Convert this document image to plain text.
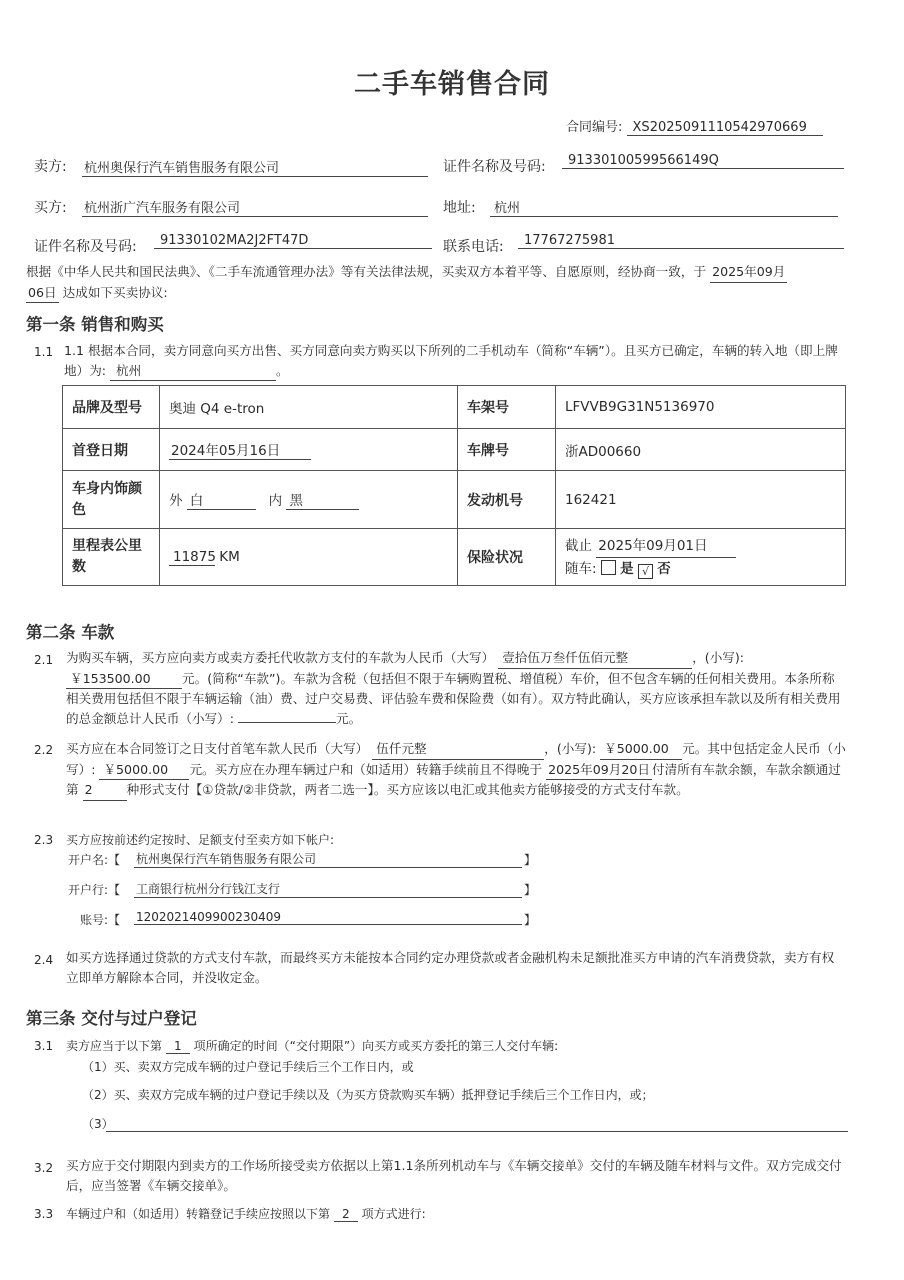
二手车销售合同
合同编号: XS2025091110542970669
卖方: 杭州奥保行汽车销售服务有限公司	证件名称及号码:	91330100599566149Q
买方: 杭州浙广汽车服务有限公司	地址:	杭州
证件名称及号码:	91330102MA2J2FT47D	联系电话:	17767275981
根据《中华人民共和国民法典》、《二手车流通管理办法》等有关法律法规，买卖双方本着平等、自愿原则，经协商一致，于 2025年09月
06日 达成如下买卖协议:
第一条 销售和购买
1.1 1.1 根据本合同，卖方同意向买方出售、买方同意向卖方购买以下所列的二手机动车（简称“车辆”）。且买方已确定，车辆的转入地（即上牌地）为: 杭州	。
品牌及型号	奥迪 Q4 e-tron	车架号	LFVVB9G31N5136970
首登日期	2024年05月16日	车牌号	浙AD00660
车身内饰颜色	外 白 内 黑	发动机号	162421
里程表公里数	11875 KM	保险状况	截止 2025年09月01日
随车: 是 √ 否
第二条 车款
2.1 为购买车辆，买方应向卖方或卖方委托代收款方支付的车款为人民币（大写） 壹拾伍万叁仟伍佰元整	，(小写): ￥153500.00 元。(简称“车款”)。车款为含税（包括但不限于车辆购置税、增值税）车价，但不包含车辆的任何相关费用。本条所称相关费用包括但不限于车辆运输（油）费、过户交易费、评估验车费和保险费（如有）。双方特此确认，买方应该承担车款以及所有相关费用的总金额总计人民币（小写）:	元。
2.2 买方应在本合同签订之日支付首笔车款人民币（大写） 伍仟元整	，(小写): ￥5000.00 元。其中包括定金人民币（小写）: ￥5000.00 元。买方应在办理车辆过户和（如适用）转籍手续前且不得晚于 2025年09月20日 付清所有车款余额，车款余额通过第 2	种形式支付【①贷款/②非贷款，两者二选一】。买方应该以电汇或其他卖方能够接受的方式支付车款。
2.3 买方应按前述约定按时、足额支付至卖方如下帐户:
开户名:【 杭州奥保行汽车销售服务有限公司	】
开户行:【 工商银行杭州分行钱江支行	】
账号:【 1202021409900230409	】
2.4 如买方选择通过贷款的方式支付车款，而最终买方未能按本合同约定办理贷款或者金融机构未足额批准买方申请的汽车消费贷款，卖方有权立即单方解除本合同，并没收定金。
第三条 交付与过户登记
3.1 卖方应当于以下第 1 项所确定的时间（“交付期限”）向买方或买方委托的第三人交付车辆:
（1）买、卖双方完成车辆的过户登记手续后三个工作日内，或
（2）买、卖双方完成车辆的过户登记手续以及（为买方贷款购买车辆）抵押登记手续后三个工作日内，或；
（3）
3.2 买方应于交付期限内到卖方的工作场所接受卖方依据以上第1.1条所列机动车与《车辆交接单》交付的车辆及随车材料与文件。双方完成交付后，应当签署《车辆交接单》。
3.3 车辆过户和（如适用）转籍登记手续应按照以下第 2 项方式进行:
